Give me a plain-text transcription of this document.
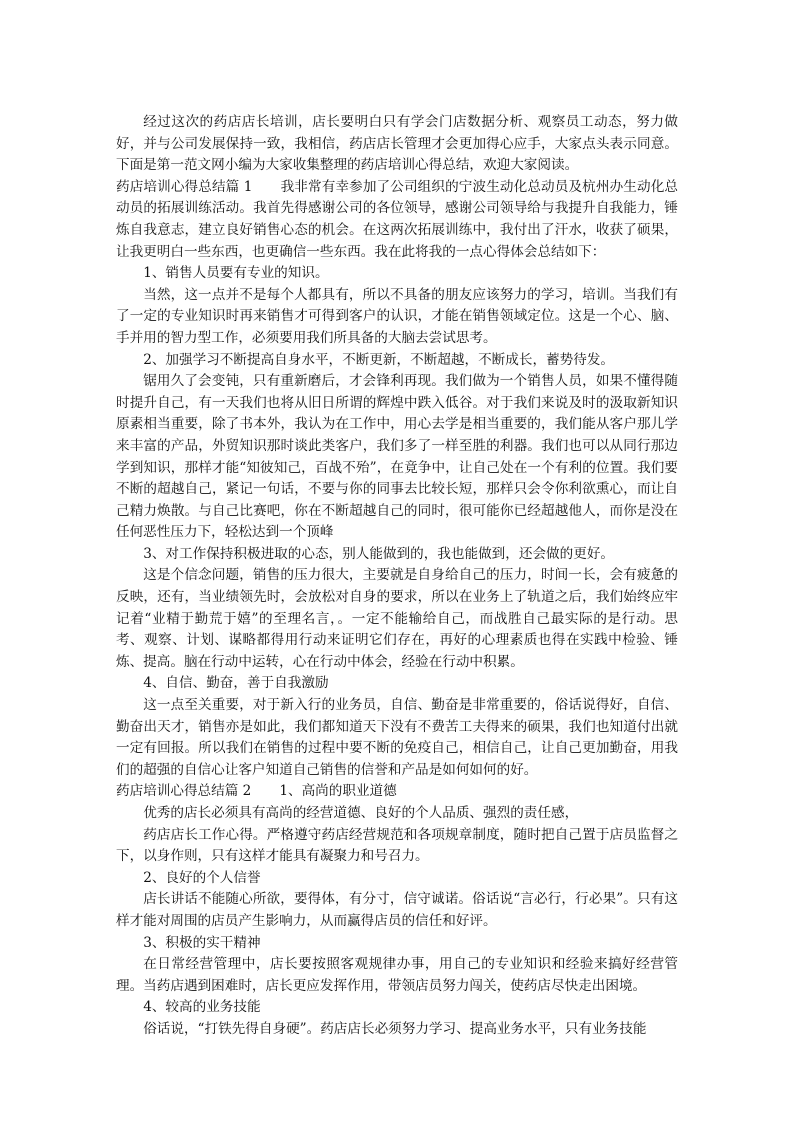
经过这次的药店店长培训，店长要明白只有学会门店数据分析、观察员工动态，努力做好，并与公司发展保持一致，我相信，药店店长管理才会更加得心应手，大家点头表示同意。下面是第一范文网小编为大家收集整理的药店培训心得总结，欢迎大家阅读。

药店培训心得总结篇 1 我非常有幸参加了公司组织的宁波生动化总动员及杭州办生动化总动员的拓展训练活动。我首先得感谢公司的各位领导，感谢公司领导给与我提升自我能力，锤炼自我意志，建立良好销售心态的机会。在这两次拓展训练中，我付出了汗水，收获了硕果，让我更明白一些东西，也更确信一些东西。我在此将我的一点心得体会总结如下：

1、销售人员要有专业的知识。

当然，这一点并不是每个人都具有，所以不具备的朋友应该努力的学习，培训。当我们有了一定的专业知识时再来销售才可得到客户的认识，才能在销售领域定位。这是一个心、脑、手并用的智力型工作，必须要用我们所具备的大脑去尝试思考。

2、加强学习不断提高自身水平，不断更新，不断超越，不断成长，蓄势待发。

锯用久了会变钝，只有重新磨后，才会锋利再现。我们做为一个销售人员，如果不懂得随时提升自己，有一天我们也将从旧日所谓的辉煌中跌入低谷。对于我们来说及时的汲取新知识原素相当重要，除了书本外，我认为在工作中，用心去学是相当重要的，我们能从客户那儿学来丰富的产品，外贸知识那时谈此类客户，我们多了一样至胜的利器。我们也可以从同行那边学到知识，那样才能“知彼知己，百战不殆”，在竟争中，让自己处在一个有利的位置。我们要不断的超越自己，紧记一句话，不要与你的同事去比较长短，那样只会令你利欲熏心，而让自己精力焕散。与自己比赛吧，你在不断超越自己的同时，很可能你已经超越他人，而你是没在任何恶性压力下，轻松达到一个顶峰

3、对工作保持积极进取的心态，别人能做到的，我也能做到，还会做的更好。

这是个信念问题，销售的压力很大，主要就是自身给自己的压力，时间一长，会有疲惫的反映，还有，当业绩领先时，会放松对自身的要求，所以在业务上了轨道之后，我们始终应牢记着“业精于勤荒于嬉”的至理名言，。一定不能输给自己，而战胜自己最实际的是行动。思考、观察、计划、谋略都得用行动来证明它们存在，再好的心理素质也得在实践中检验、锤炼、提高。脑在行动中运转，心在行动中体会，经验在行动中积累。

4、自信、勤奋，善于自我激励

这一点至关重要，对于新入行的业务员，自信、勤奋是非常重要的，俗话说得好，自信、勤奋出天才，销售亦是如此，我们都知道天下没有不费苦工夫得来的硕果，我们也知道付出就一定有回报。所以我们在销售的过程中要不断的免疫自己，相信自己，让自己更加勤奋，用我们的超强的自信心让客户知道自己销售的信誉和产品是如何如何的好。

药店培训心得总结篇 2 1、高尚的职业道德

优秀的店长必须具有高尚的经营道德、良好的个人品质、强烈的责任感，

药店店长工作心得。严格遵守药店经营规范和各项规章制度，随时把自己置于店员监督之下，以身作则，只有这样才能具有凝聚力和号召力。

2、良好的个人信誉

店长讲话不能随心所欲，要得体，有分寸，信守诚诺。俗话说“言必行，行必果”。只有这样才能对周围的店员产生影响力，从而赢得店员的信任和好评。

3、积极的实干精神

在日常经营管理中，店长要按照客观规律办事，用自己的专业知识和经验来搞好经营管理。当药店遇到困难时，店长更应发挥作用，带领店员努力闯关，使药店尽快走出困境。

4、较高的业务技能

俗话说，“打铁先得自身硬”。药店店长必须努力学习、提高业务水平，只有业务技能
